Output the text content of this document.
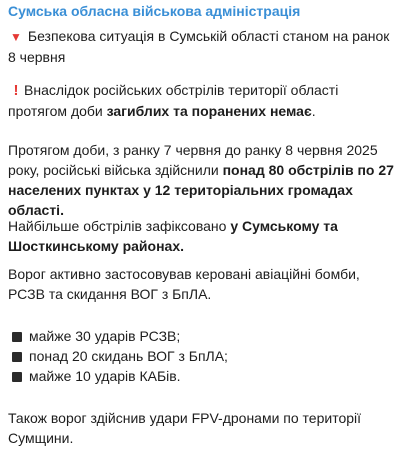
Сумська обласна військова адміністрація
▼ Безпекова ситуація в Сумській області станом на ранок 8 червня
! Внаслідок російських обстрілів території області протягом доби загиблих та поранених немає.
Протягом доби, з ранку 7 червня до ранку 8 червня 2025 року, російські війська здійснили понад 80 обстрілів по 27 населених пунктах у 12 територіальних громадах області.
Найбільше обстрілів зафіксовано у Сумському та Шосткинському районах.
Ворог активно застосовував керовані авіаційні бомби, РСЗВ та скидання ВОГ з БпЛА.
майже 30 ударів РСЗВ;
понад 20 скидань ВОГ з БпЛА;
майже 10 ударів КАБів.
Також ворог здійснив удари FPV-дронами по території Сумщини.
